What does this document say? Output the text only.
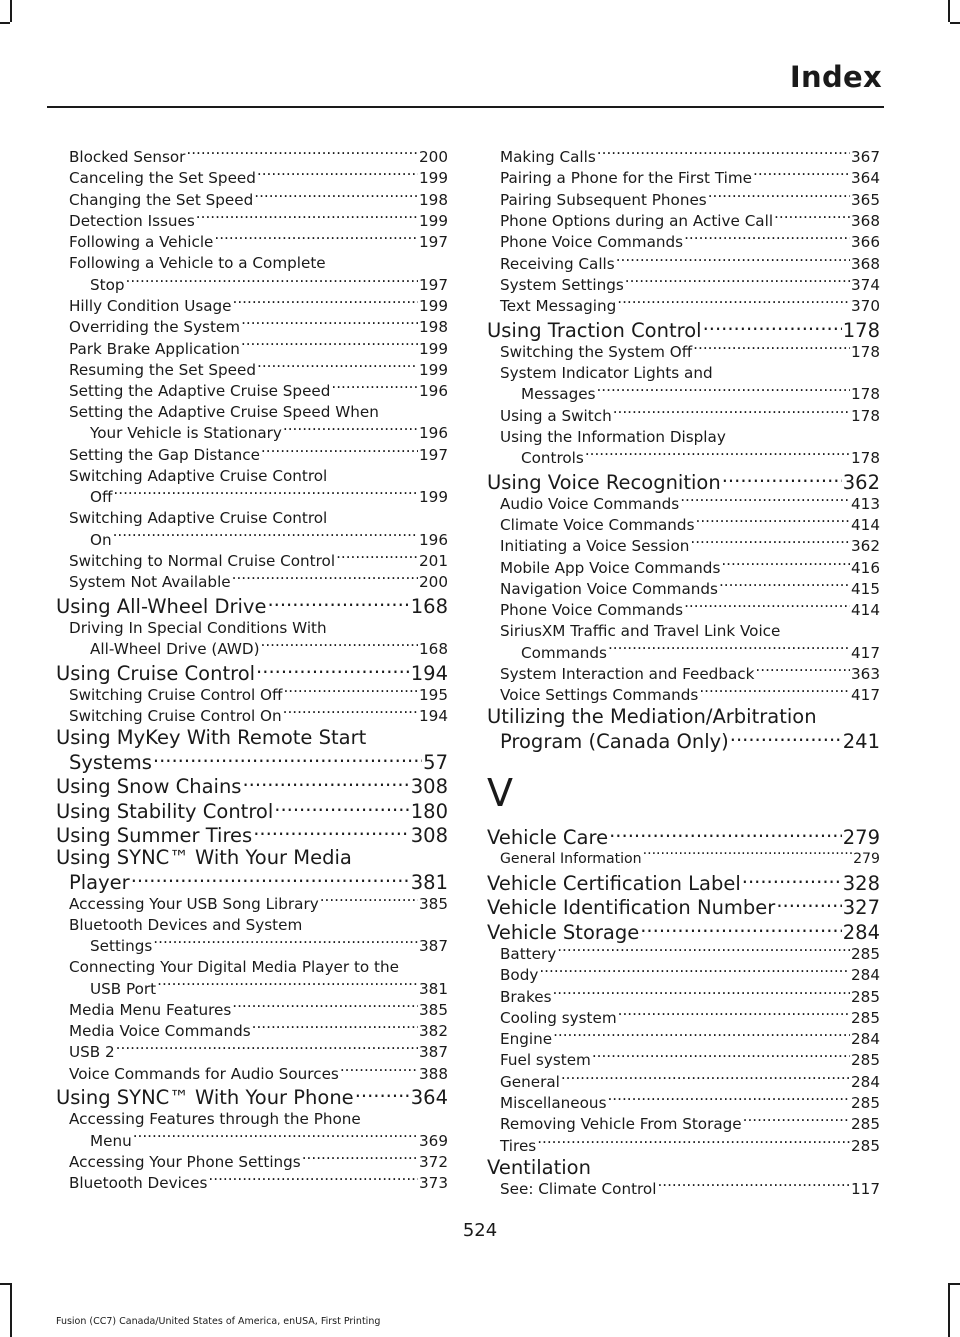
Index
Blocked Sensor .....	200
Canceling the Set Speed .....	199
Changing the Set Speed .....	198
Detection Issues .....	199
Following a Vehicle .....	197
Following a Vehicle to a Complete
Stop .....	197
Hilly Condition Usage .....	199
Overriding the System .....	198
Park Brake Application .....	199
Resuming the Set Speed .....	199
Setting the Adaptive Cruise Speed .....	196
Setting the Adaptive Cruise Speed When
Your Vehicle is Stationary .....	196
Setting the Gap Distance .....	197
Switching Adaptive Cruise Control
Off .....	199
Switching Adaptive Cruise Control
On .....	196
Switching to Normal Cruise Control .....	201
System Not Available .....	200
Using All-Wheel Drive .....	168
Driving In Special Conditions With
All-Wheel Drive (AWD) .....	168
Using Cruise Control .....	194
Switching Cruise Control Off .....	195
Switching Cruise Control On .....	194
Using MyKey With Remote Start
Systems .....	57
Using Snow Chains .....	308
Using Stability Control .....	180
Using Summer Tires .....	308
Using SYNC™ With Your Media
Player .....	381
Accessing Your USB Song Library .....	385
Bluetooth Devices and System
Settings .....	387
Connecting Your Digital Media Player to the
USB Port .....	381
Media Menu Features .....	385
Media Voice Commands .....	382
USB 2 .....	387
Voice Commands for Audio Sources .....	388
Using SYNC™ With Your Phone .....	364
Accessing Features through the Phone
Menu .....	369
Accessing Your Phone Settings .....	372
Bluetooth Devices .....	373
Making Calls .....	367
Pairing a Phone for the First Time .....	364
Pairing Subsequent Phones .....	365
Phone Options during an Active Call .....	368
Phone Voice Commands .....	366
Receiving Calls .....	368
System Settings .....	374
Text Messaging .....	370
Using Traction Control .....	178
Switching the System Off .....	178
System Indicator Lights and
Messages .....	178
Using a Switch .....	178
Using the Information Display
Controls .....	178
Using Voice Recognition .....	362
Audio Voice Commands .....	413
Climate Voice Commands .....	414
Initiating a Voice Session .....	362
Mobile App Voice Commands .....	416
Navigation Voice Commands .....	415
Phone Voice Commands .....	414
SiriusXM Traffic and Travel Link Voice
Commands .....	417
System Interaction and Feedback .....	363
Voice Settings Commands .....	417
Utilizing the Mediation/Arbitration
Program (Canada Only) .....	241
V
Vehicle Care .....	279
General Information .....	279
Vehicle Certification Label .....	328
Vehicle Identification Number .....	327
Vehicle Storage .....	284
Battery .....	285
Body .....	284
Brakes .....	285
Cooling system .....	285
Engine .....	284
Fuel system .....	285
General .....	284
Miscellaneous .....	285
Removing Vehicle From Storage .....	285
Tires .....	285
Ventilation
See: Climate Control .....	117
524
Fusion (CC7) Canada/United States of America, enUSA, First Printing
